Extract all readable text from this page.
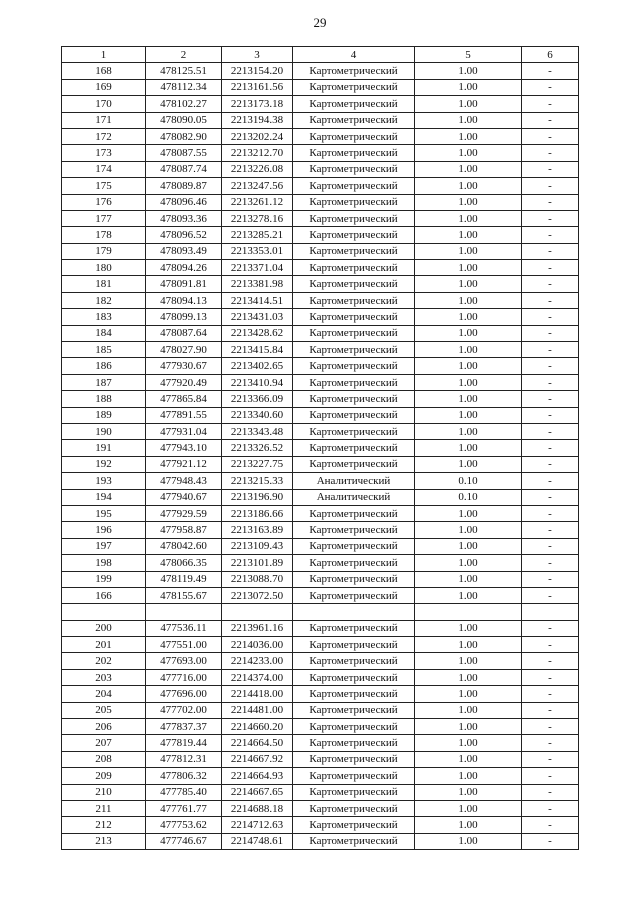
29
1	2	3	4	5	6
168	478125.51	2213154.20	Картометрический	1.00	-
169	478112.34	2213161.56	Картометрический	1.00	-
170	478102.27	2213173.18	Картометрический	1.00	-
171	478090.05	2213194.38	Картометрический	1.00	-
172	478082.90	2213202.24	Картометрический	1.00	-
173	478087.55	2213212.70	Картометрический	1.00	-
174	478087.74	2213226.08	Картометрический	1.00	-
175	478089.87	2213247.56	Картометрический	1.00	-
176	478096.46	2213261.12	Картометрический	1.00	-
177	478093.36	2213278.16	Картометрический	1.00	-
178	478096.52	2213285.21	Картометрический	1.00	-
179	478093.49	2213353.01	Картометрический	1.00	-
180	478094.26	2213371.04	Картометрический	1.00	-
181	478091.81	2213381.98	Картометрический	1.00	-
182	478094.13	2213414.51	Картометрический	1.00	-
183	478099.13	2213431.03	Картометрический	1.00	-
184	478087.64	2213428.62	Картометрический	1.00	-
185	478027.90	2213415.84	Картометрический	1.00	-
186	477930.67	2213402.65	Картометрический	1.00	-
187	477920.49	2213410.94	Картометрический	1.00	-
188	477865.84	2213366.09	Картометрический	1.00	-
189	477891.55	2213340.60	Картометрический	1.00	-
190	477931.04	2213343.48	Картометрический	1.00	-
191	477943.10	2213326.52	Картометрический	1.00	-
192	477921.12	2213227.75	Картометрический	1.00	-
193	477948.43	2213215.33	Аналитический	0.10	-
194	477940.67	2213196.90	Аналитический	0.10	-
195	477929.59	2213186.66	Картометрический	1.00	-
196	477958.87	2213163.89	Картометрический	1.00	-
197	478042.60	2213109.43	Картометрический	1.00	-
198	478066.35	2213101.89	Картометрический	1.00	-
199	478119.49	2213088.70	Картометрический	1.00	-
166	478155.67	2213072.50	Картометрический	1.00	-

200	477536.11	2213961.16	Картометрический	1.00	-
201	477551.00	2214036.00	Картометрический	1.00	-
202	477693.00	2214233.00	Картометрический	1.00	-
203	477716.00	2214374.00	Картометрический	1.00	-
204	477696.00	2214418.00	Картометрический	1.00	-
205	477702.00	2214481.00	Картометрический	1.00	-
206	477837.37	2214660.20	Картометрический	1.00	-
207	477819.44	2214664.50	Картометрический	1.00	-
208	477812.31	2214667.92	Картометрический	1.00	-
209	477806.32	2214664.93	Картометрический	1.00	-
210	477785.40	2214667.65	Картометрический	1.00	-
211	477761.77	2214688.18	Картометрический	1.00	-
212	477753.62	2214712.63	Картометрический	1.00	-
213	477746.67	2214748.61	Картометрический	1.00	-
